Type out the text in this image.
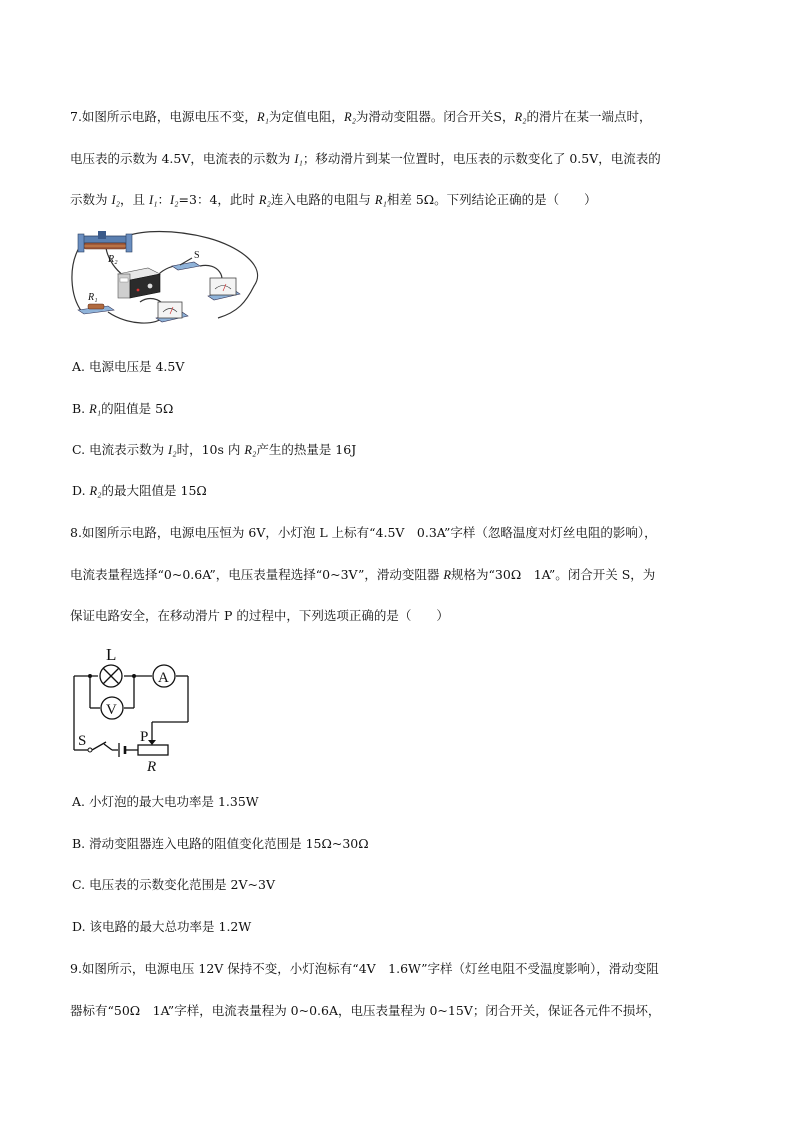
7.如图所示电路，电源电压不变，R₁为定值电阻，R₂为滑动变阻器。闭合开关S，R₂的滑片在某一端点时，
电压表的示数为 4.5V，电流表的示数为 I₁；移动滑片到某一位置时，电压表的示数变化了 0.5V，电流表的
示数为 I₂，且 I₁：I₂=3：4，此时 R₂连入电路的电阻与 R₁相差 5Ω。下列结论正确的是（　　）
R₂	S
R₁
A. 电源电压是 4.5V
B. R₁的阻值是 5Ω
C. 电流表示数为 I₂时，10s 内 R₂产生的热量是 16J
D. R₂的最大阻值是 15Ω
8.如图所示电路，电源电压恒为 6V，小灯泡 L 上标有“4.5V　0.3A”字样（忽略温度对灯丝电阻的影响），
电流表量程选择“0~0.6A”，电压表量程选择“0~3V”，滑动变阻器 R规格为“30Ω　1A”。闭合开关 S，为
保证电路安全，在移动滑片 P 的过程中，下列选项正确的是（　　）
L
A
V
S	P
R
A. 小灯泡的最大电功率是 1.35W
B. 滑动变阻器连入电路的阻值变化范围是 15Ω~30Ω
C. 电压表的示数变化范围是 2V~3V
D. 该电路的最大总功率是 1.2W
9.如图所示，电源电压 12V 保持不变，小灯泡标有“4V　1.6W”字样（灯丝电阻不受温度影响），滑动变阻
器标有“50Ω　1A”字样，电流表量程为 0~0.6A，电压表量程为 0~15V；闭合开关，保证各元件不损坏，
